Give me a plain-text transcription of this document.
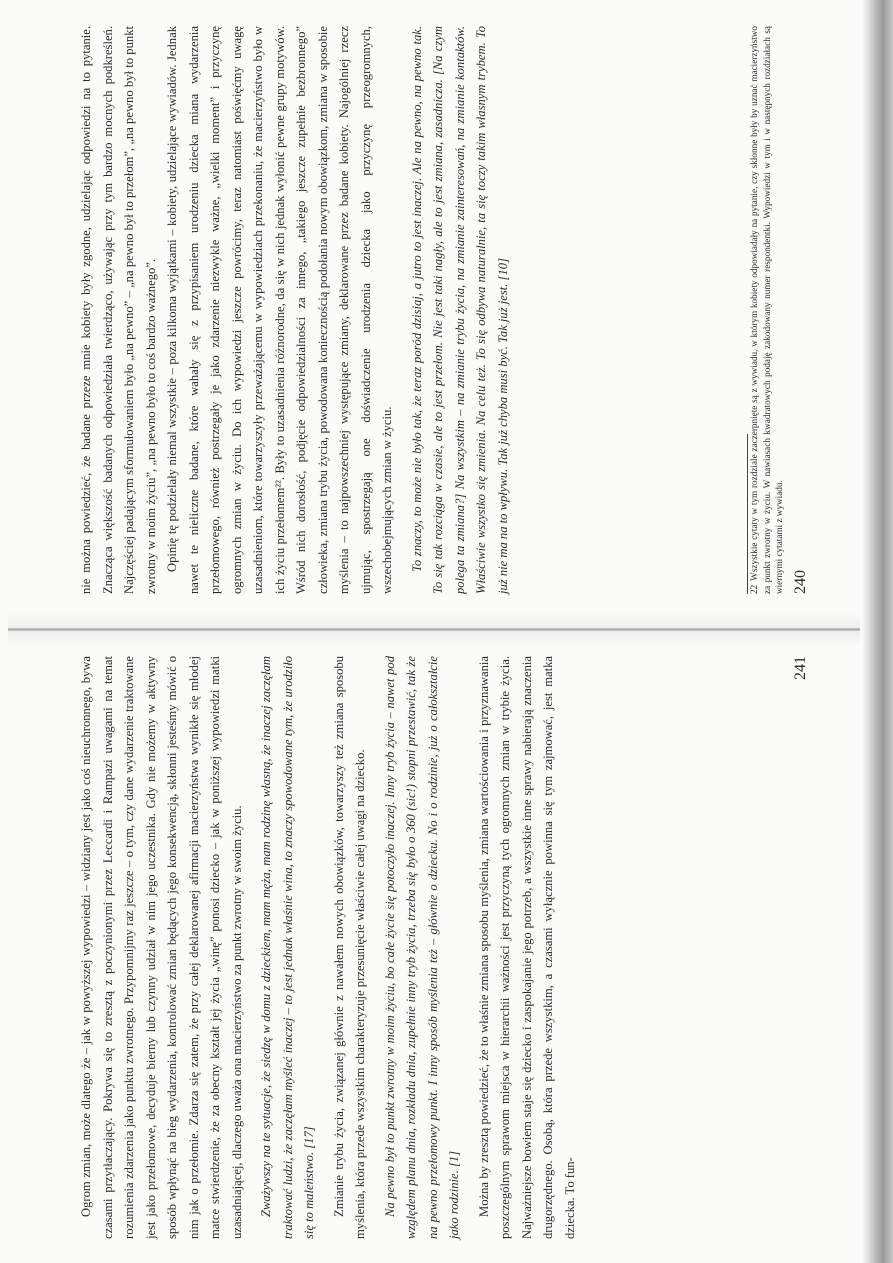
nie można powiedzieć, że badane przeze mnie kobiety były zgodne, udzielając odpowiedzi na to pytanie. Znacząca większość badanych odpowiedziała twierdząco, używając przy tym bardzo mocnych podkreśleń. Najczęściej padającym sformułowaniem było „na pewno” – „na pewno był to przełom”, „na pewno był to punkt zwrotny w moim życiu”, „na pewno było to coś bardzo ważnego”. Opinię tę podzielały niemal wszystkie – poza kilkoma wyjątkami – kobiety, udzielające wywiadów. Jednak nawet te nieliczne badane, które wahały się z przypisaniem urodzeniu dziecka miana wydarzenia przełomowego, również postrzegały je jako zdarzenie niezwykle ważne, „wielki moment” i przyczynę ogromnych zmian w życiu. Do ich wypowiedzi jeszcze powrócimy, teraz natomiast poświęćmy uwagę uzasadnieniom, które towarzyszyły przeważającemu w wypowiedziach przekonaniu, że macierzyństwo było w ich życiu przełomem²². Były to uzasadnienia różnorodne, da się w nich jednak wyłonić pewne grupy motywów. Wśród nich dorosłość, podjęcie odpowiedzialności za innego, „takiego jeszcze zupełnie bezbronnego” człowieka, zmiana trybu życia, powodowana koniecznością podołania nowym obowiązkom, zmiana w sposobie myślenia – to najpowszechniej występujące zmiany, deklarowane przez badane kobiety. Najogólniej rzecz ujmując, spostrzegają one doświadczenie urodzenia dziecka jako przyczynę przeogromnych, wszechobejmujących zmian w życiu.	To znaczy, to może nie było tak, że teraz poród dzisiaj, a jutro to jest inaczej. Ale na pewno, na pewno tak. To się tak rozciąga w czasie, ale to jest przełom. Nie jest taki nagły, ale to jest zmiana, zasadnicza. [Na czym polega ta zmiana?] Na wszystkim – na zmianie trybu życia, na zmianie zainteresowań, na zmianie kontaktów. Właściwie wszystko się zmienia. Na celu też. To się odbywa naturalnie, ta się toczy takim własnym trybem. To już nie ma na to wpływu. Tak już chyba musi być. Tak już jest. [10]	22Wszystkie cytaty w tym rozdziale zaczerpnięte są z wywiadu, w którym kobiety odpowiadały na pytanie, czy skłonne były by uznać macierzyństwo za punkt zwrotny w życiu. W nawiasach kwadratowych podaję zakodowany numer respondentki. Wypowiedzi w tym i w następnych rozdziałach są wiernymi cytatami z wywiadu. 240

Ogrom zmian, może dlatego że – jak w powyższej wypowiedzi – widziany jest jako coś nieuchronnego, bywa czasami przytłaczający. Pokrywa się to zresztą z poczynionymi przez Leccardi i Rampazi uwagami na temat rozumienia zdarzenia jako punktu zwrotnego. Przypomnijmy raz jeszcze – o tym, czy dane wydarzenie traktowane jest jako przełomowe, decyduje bierny lub czynny udział w nim jego uczestnika. Gdy nie możemy w aktywny sposób wpłynąć na bieg wydarzenia, kontrolować zmian będących jego konsekwencją, skłonni jesteśmy mówić o nim jak o przełomie. Zdarza się zatem, że przy całej deklarowanej afirmacji macierzyństwa wynikłe się młodej matce stwierdzenie, że za obecny kształt jej życia „winę” ponosi dziecko – jak w poniższej wypowiedzi matki uzasadniającej, dlaczego uważa ona macierzyństwo za punkt zwrotny w swoim życiu.	Zważywszy na te sytuacje, że siedzę w domu z dzieckiem, mam męża, mam rodzinę własną, że inaczej zaczęłam traktować ludzi, że zaczęłam myśleć inaczej – to jest jednak właśnie wina, to znaczy spowodowane tym, że urodziło się to maleństwo. [17]	Zmianie trybu życia, związanej głównie z nawałem nowych obowiązków, towarzyszy też zmiana sposobu myślenia, która przede wszystkim charakteryzuje przesunięcie właściwie całej uwagi na dziecko.	Na pewno był to punkt zwrotny w moim życiu, bo całe życie się potoczyło inaczej. Inny tryb życia – nawet pod względem planu dnia, rozkładu dnia, zupełnie inny tryb życia, trzeba się było o 360 (sic!) stopni przestawić, tak że na pewno przełomowy punkt. I inny sposób myślenia też – głównie o dziecku. No i o rodzinie, już o całokształcie jako rodzinie. [1]	Można by zresztą powiedzieć, że to właśnie zmiana sposobu myślenia, zmiana wartościowania i przyznawania poszczególnym sprawom miejsca w hierarchii ważności jest przyczyną tych ogromnych zmian w trybie życia. Najważniejsze bowiem staje się dziecko i zaspokajanie jego potrzeb, a wszystkie inne sprawy nabierają znaczenia drugorzędnego. Osobą, która przede wszystkim, a czasami wyłącznie powinna się tym zajmować, jest matka dziecka. To fun-

241
